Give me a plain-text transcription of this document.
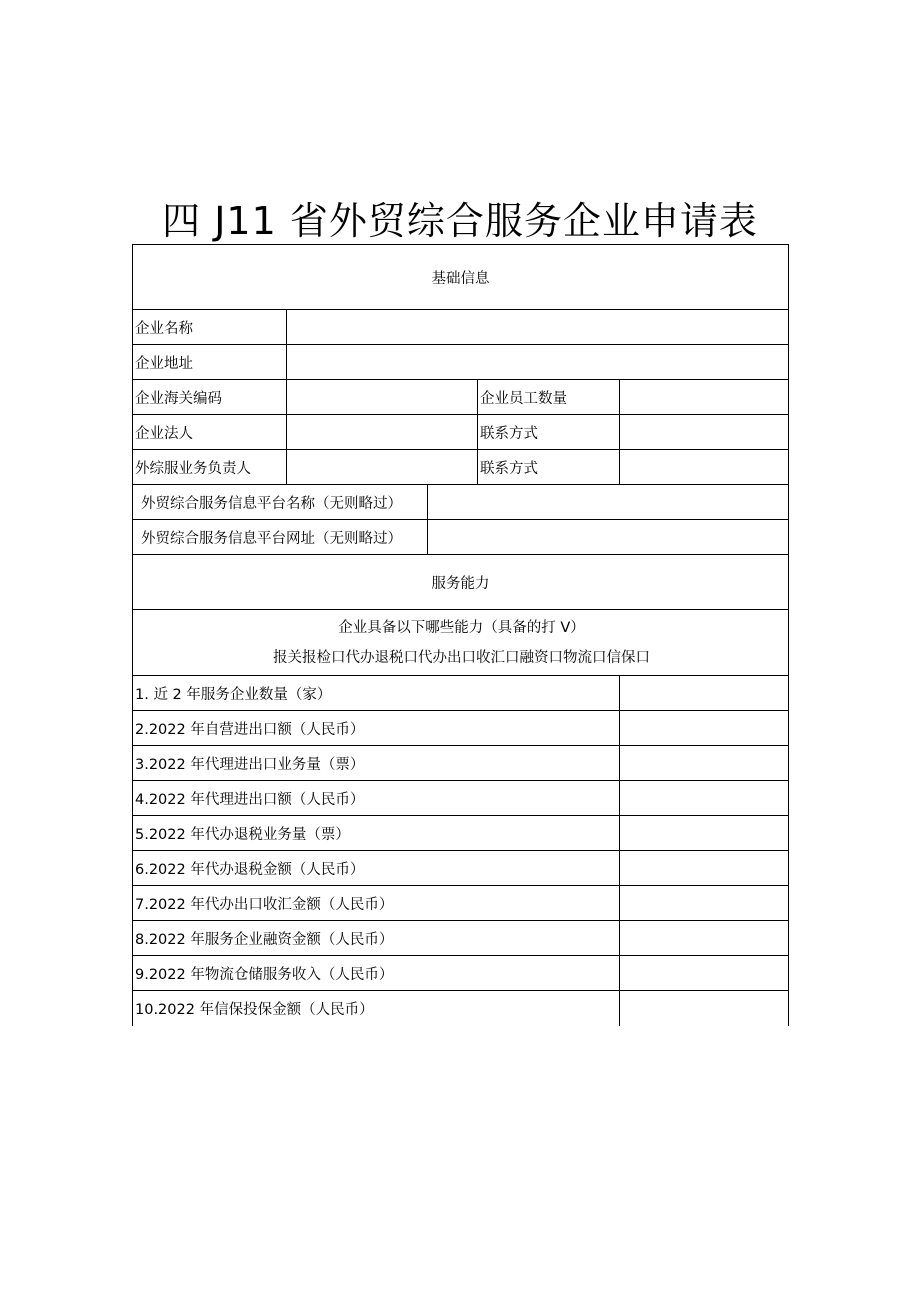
四 J11 省外贸综合服务企业申请表
基础信息				
企业名称				
企业地址				
企业海关编码			企业员工数量	
企业法人			联系方式	
外综服业务负责人			联系方式	
外贸综合服务信息平台名称（无则略过）				
外贸综合服务信息平台网址（无则略过）				
服务能力				

企业具备以下哪些能力（具备的打 V）
报关报检口代办退税口代办出口收汇口融资口物流口信保口				

1. 近 2 年服务企业数量（家）				
2.2022 年自营进出口额（人民币）				
3.2022 年代理进出口业务量（票）				
4.2022 年代理进出口额（人民币）				
5.2022 年代办退税业务量（票）				
6.2022 年代办退税金额（人民币）				
7.2022 年代办出口收汇金额（人民币）				
8.2022 年服务企业融资金额（人民币）				
9.2022 年物流仓储服务收入（人民币）				
10.2022 年信保投保金额（人民币）				
